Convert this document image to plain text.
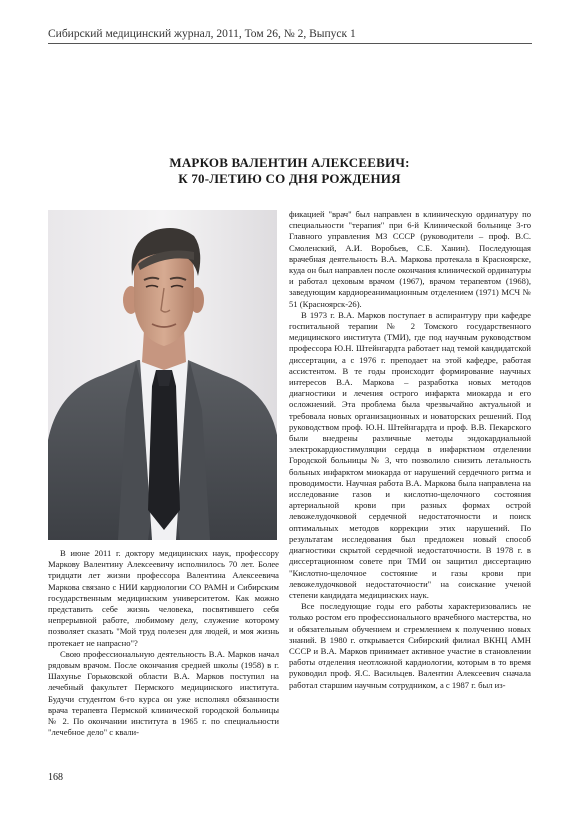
Сибирский медицинский журнал, 2011, Том 26, № 2, Выпуск 1
МАРКОВ ВАЛЕНТИН АЛЕКСЕЕВИЧ:
К 70-ЛЕТИЮ СО ДНЯ РОЖДЕНИЯ

В июне 2011 г. доктору медицинских наук, профессору Маркову Валентину Алексеевичу исполнилось 70 лет. Более тридцати лет жизни профессора Валентина Алексеевича Маркова связано с НИИ кардиологии СО РАМН и Сибирским государственным медицинским университетом. Как можно представить себе жизнь человека, посвятившего себя непрерывной работе, любимому делу, служение которому позволяет сказать "Мой труд полезен для людей, и моя жизнь протекает не напрасно"?

Свою профессиональную деятельность В.А. Марков начал рядовым врачом. После окончания средней школы (1958) в г. Шахунье Горьковской области В.А. Марков поступил на лечебный факультет Пермского медицинского института. Будучи студентом 6-го курса он уже исполнял обязанности врача терапевта Пермской клинической городской больницы № 2. По окончании института в 1965 г. по специальности "лечебное дело" с квали-

фикацией "врач" был направлен в клиническую ординатуру по специальности "терапия" при 6-й Клинической больнице 3-го Главного управления МЗ СССР (руководители – проф. В.С. Смоленский, А.И. Воробьев, С.Б. Ханин). Последующая врачебная деятельность В.А. Маркова протекала в Красноярске, куда он был направлен после окончания клинической ординатуры и работал цеховым врачом (1967), врачом терапевтом (1968), заведующим кардиореанимационным отделением (1971) МСЧ № 51 (Красноярск-26).

В 1973 г. В.А. Марков поступает в аспирантуру при кафедре госпитальной терапии № 2 Томского государственного медицинского института (ТМИ), где под научным руководством профессора Ю.Н. Штейнгардта работает над темой кандидатской диссертации, а с 1976 г. преподает на этой кафедре, работая ассистентом. В те годы происходит формирование научных интересов В.А. Маркова – разработка новых методов диагностики и лечения острого инфаркта миокарда и его осложнений. Эта проблема была чрезвычайно актуальной и требовала новых организационных и новаторских решений. Под руководством проф. Ю.Н. Штейнгардта и проф. В.В. Пекарского были внедрены различные методы эндокардиальной электрокардиостимуляции сердца в инфарктном отделении Городской больницы № 3, что позволило снизить летальность больных инфарктом миокарда от нарушений сердечного ритма и проводимости. Научная работа В.А. Маркова была направлена на исследование газов и кислотно-щелочного состояния артериальной крови при разных формах острой левожелудочковой сердечной недостаточности и поиск оптимальных методов коррекции этих нарушений. По результатам исследования был предложен новый способ диагностики скрытой сердечной недостаточности. В 1978 г. в диссертационном совете при ТМИ он защитил диссертацию "Кислотно-щелочное состояние и газы крови при левожелудочковой недостаточности" на соискание ученой степени кандидата медицинских наук.

Все последующие годы его работы характеризовались не только ростом его профессионального врачебного мастерства, но и обязательным обучением и стремлением к получению новых знаний. В 1980 г. открывается Сибирский филиал ВКНЦ АМН СССР и В.А. Марков принимает активное участие в становлении работы отделения неотложной кардиологии, которым в то время руководил проф. Я.С. Васильцев. Валентин Алексеевич сначала работал старшим научным сотрудником, а с 1987 г. был из-

168
